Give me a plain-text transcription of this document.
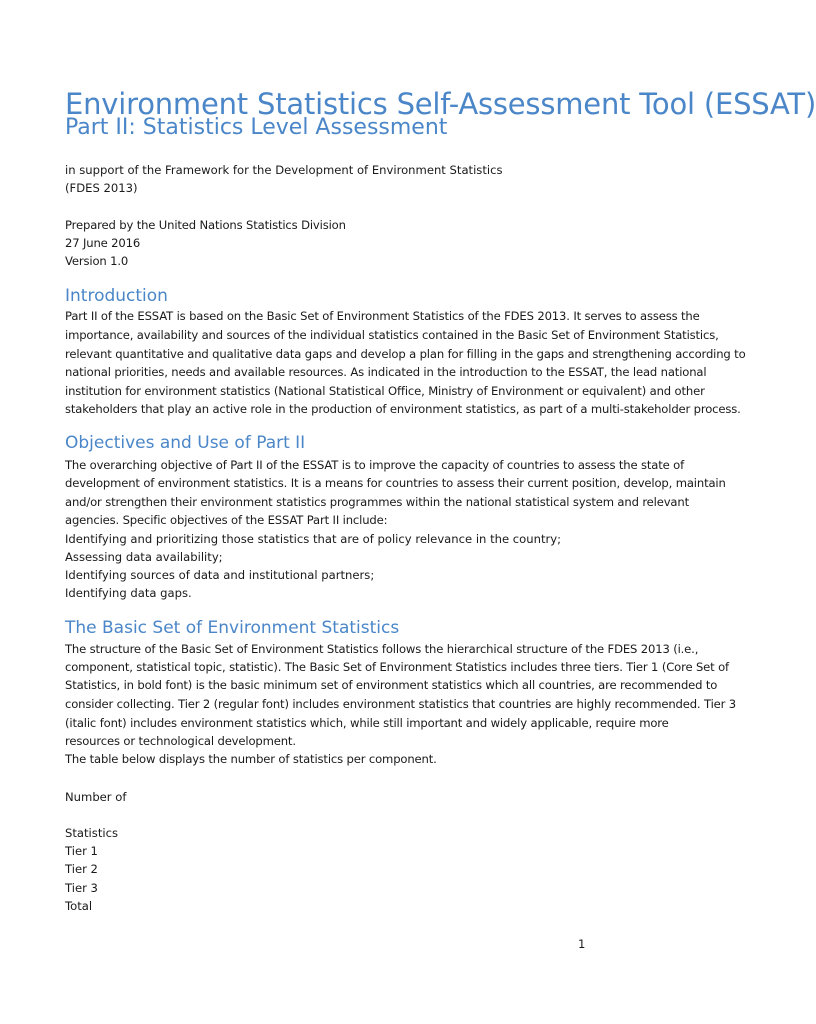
Environment Statistics Self-Assessment Tool (ESSAT)
Part II: Statistics Level Assessment
in support of the Framework for the Development of Environment Statistics
(FDES 2013)
Prepared by the United Nations Statistics Division
27 June 2016
Version 1.0
Introduction
Part II of the ESSAT is based on the Basic Set of Environment Statistics of the FDES 2013. It serves to assess the
importance, availability and sources of the individual statistics contained in the Basic Set of Environment Statistics,
relevant quantitative and qualitative data gaps and develop a plan for filling in the gaps and strengthening according to
national priorities, needs and available resources. As indicated in the introduction to the ESSAT, the lead national
institution for environment statistics (National Statistical Office, Ministry of Environment or equivalent) and other
stakeholders that play an active role in the production of environment statistics, as part of a multi-stakeholder process.
Objectives and Use of Part II
The overarching objective of Part II of the ESSAT is to improve the capacity of countries to assess the state of
development of environment statistics. It is a means for countries to assess their current position, develop, maintain
and/or strengthen their environment statistics programmes within the national statistical system and relevant
agencies. Specific objectives of the ESSAT Part II include:
Identifying and prioritizing those statistics that are of policy relevance in the country;
Assessing data availability;
Identifying sources of data and institutional partners;
Identifying data gaps.
The Basic Set of Environment Statistics
The structure of the Basic Set of Environment Statistics follows the hierarchical structure of the FDES 2013 (i.e.,
component, statistical topic, statistic). The Basic Set of Environment Statistics includes three tiers. Tier 1 (Core Set of
Statistics, in bold font) is the basic minimum set of environment statistics which all countries, are recommended to
consider collecting. Tier 2 (regular font) includes environment statistics that countries are highly recommended. Tier 3
(italic font) includes environment statistics which, while still important and widely applicable, require more
resources or technological development.
The table below displays the number of statistics per component.
Number of
Statistics
Tier 1
Tier 2
Tier 3
Total
1
